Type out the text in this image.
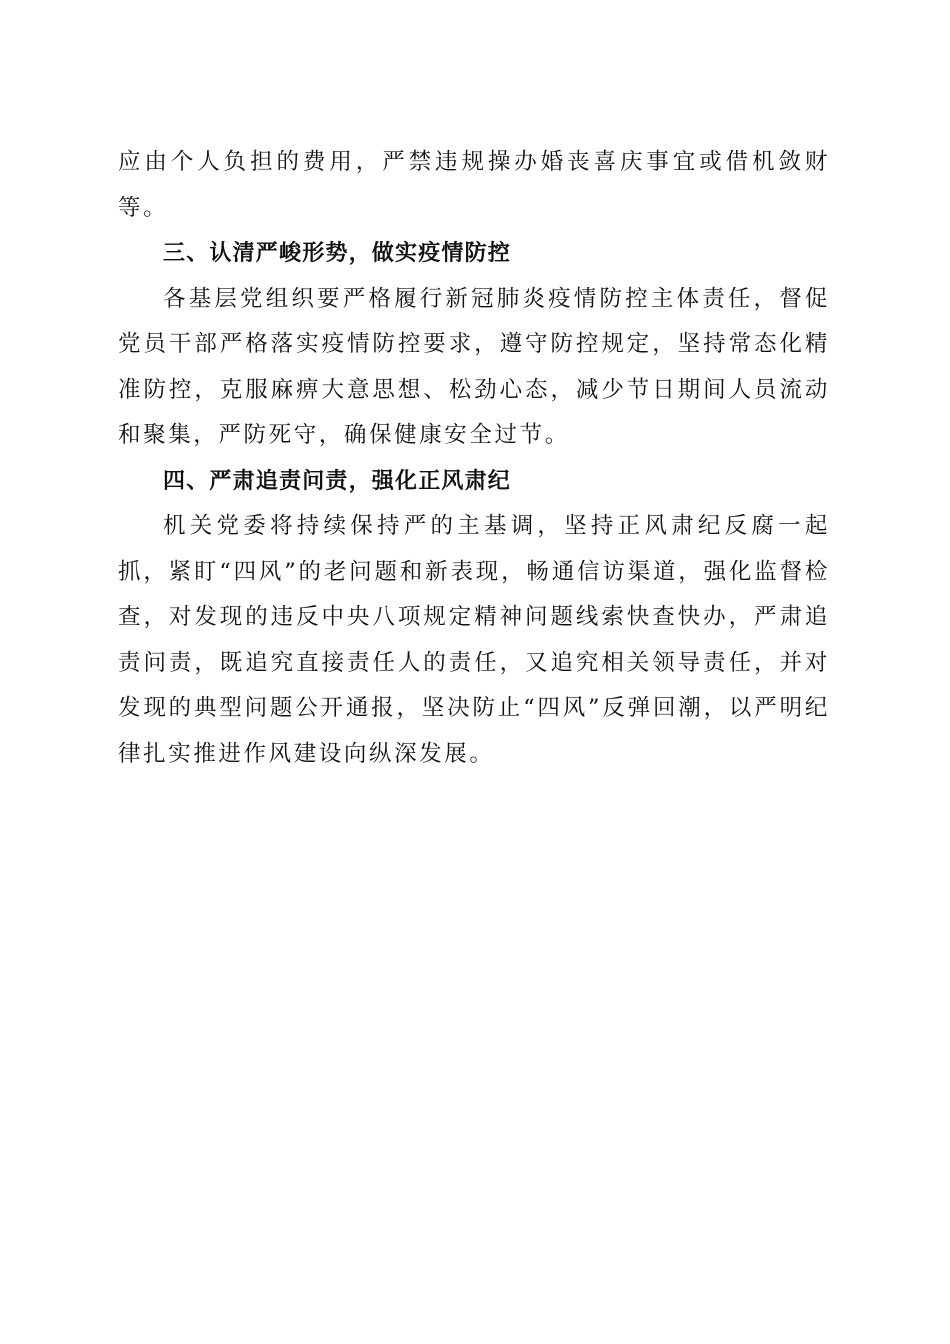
应由个人负担的费用，严禁违规操办婚丧喜庆事宜或借机敛财等。

三、认清严峻形势，做实疫情防控

各基层党组织要严格履行新冠肺炎疫情防控主体责任，督促党员干部严格落实疫情防控要求，遵守防控规定，坚持常态化精准防控，克服麻痹大意思想、松劲心态，减少节日期间人员流动和聚集，严防死守，确保健康安全过节。

四、严肃追责问责，强化正风肃纪

机关党委将持续保持严的主基调，坚持正风肃纪反腐一起抓，紧盯“四风”的老问题和新表现，畅通信访渠道，强化监督检查，对发现的违反中央八项规定精神问题线索快查快办，严肃追责问责，既追究直接责任人的责任，又追究相关领导责任，并对发现的典型问题公开通报，坚决防止“四风”反弹回潮，以严明纪律扎实推进作风建设向纵深发展。
